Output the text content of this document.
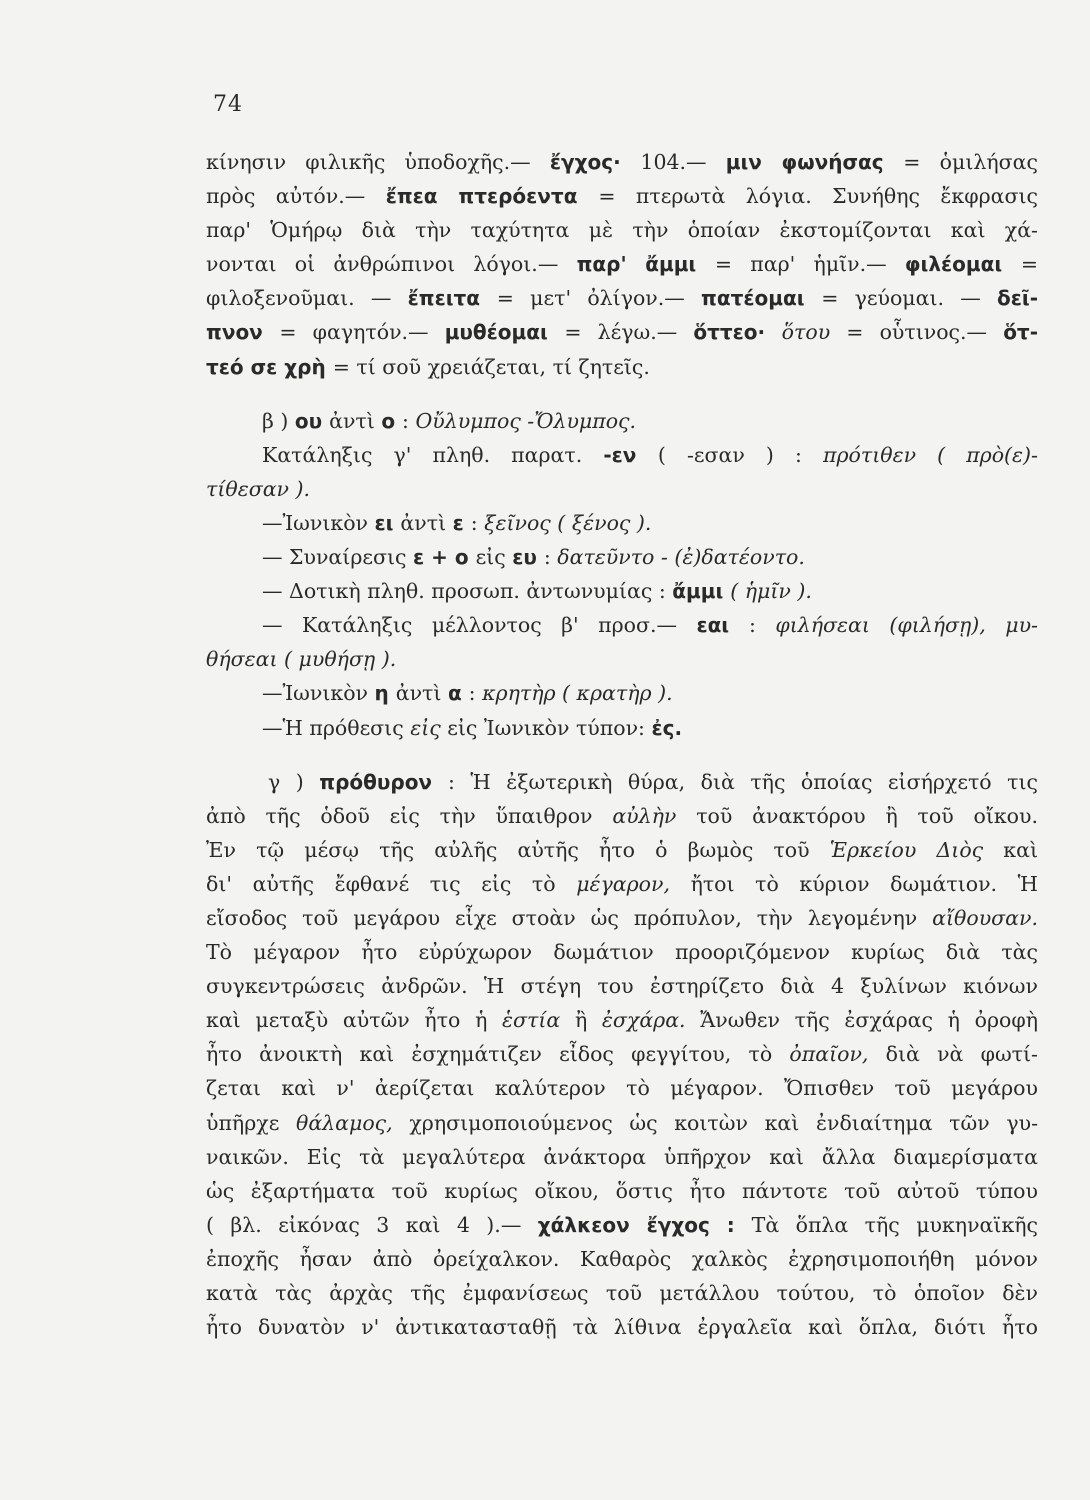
74
κίνησιν φιλικῆς ὑποδοχῆς.— ἔγχος· 104.— μιν φωνήσας = ὁμιλήσας
πρὸς αὐτόν.— ἔπεα πτερόεντα = πτερωτὰ λόγια. Συνήθης ἔκφρασις
παρ' Ὁμήρῳ διὰ τὴν ταχύτητα μὲ τὴν ὁποίαν ἐκστομίζονται καὶ χά-
νονται οἱ ἀνθρώπινοι λόγοι.— παρ' ἄμμι = παρ' ἡμῖν.— φιλέομαι =
φιλοξενοῦμαι. — ἔπειτα = μετ' ὀλίγον.— πατέομαι = γεύομαι. — δεῖ-
πνον = φαγητόν.— μυθέομαι = λέγω.— ὅττεο· ὅτου = οὗτινος.— ὅτ-
τεό σε χρὴ = τί σοῦ χρειάζεται, τί ζητεῖς.
β ) ου ἀντὶ ο : Οὔλυμπος -Ὄλυμπος.
Κατάληξις γ' πληθ. παρατ. -εν ( -εσαν ) : πρότιθεν ( πρὸ(ε)-
τίθεσαν ).
—Ἰωνικὸν ει ἀντὶ ε : ξεῖνος ( ξένος ).
— Συναίρεσις ε + ο εἰς ευ : δατεῦντο - (ἐ)δατέοντο.
— Δοτικὴ πληθ. προσωπ. ἀντωνυμίας : ἄμμι ( ἡμῖν ).
— Κατάληξις μέλλοντος β' προσ.— εαι : φιλήσεαι (φιλήσῃ), μυ-
θήσεαι ( μυθήσῃ ).
—Ἰωνικὸν η ἀντὶ α : κρητὴρ ( κρατὴρ ).
—Ἡ πρόθεσις εἰς εἰς Ἰωνικὸν τύπον: ἐς.
γ ) πρόθυρον : Ἡ ἐξωτερικὴ θύρα, διὰ τῆς ὁποίας εἰσήρχετό τις
ἀπὸ τῆς ὁδοῦ εἰς τὴν ὕπαιθρον αὐλὴν τοῦ ἀνακτόρου ἢ τοῦ οἴκου.
Ἐν τῷ μέσῳ τῆς αὐλῆς αὐτῆς ἦτο ὁ βωμὸς τοῦ Ἑρκείου Διὸς καὶ
δι' αὐτῆς ἔφθανέ τις εἰς τὸ μέγαρον, ἤτοι τὸ κύριον δωμάτιον. Ἡ
εἴσοδος τοῦ μεγάρου εἶχε στοὰν ὡς πρόπυλον, τὴν λεγομένην αἴθουσαν.
Τὸ μέγαρον ἦτο εὐρύχωρον δωμάτιον προοριζόμενον κυρίως διὰ τὰς
συγκεντρώσεις ἀνδρῶν. Ἡ στέγη του ἐστηρίζετο διὰ 4 ξυλίνων κιόνων
καὶ μεταξὺ αὐτῶν ἦτο ἡ ἑστία ἢ ἐσχάρα. Ἄνωθεν τῆς ἐσχάρας ἡ ὀροφὴ
ἦτο ἀνοικτὴ καὶ ἐσχημάτιζεν εἶδος φεγγίτου, τὸ ὀπαῖον, διὰ νὰ φωτί-
ζεται καὶ ν' ἀερίζεται καλύτερον τὸ μέγαρον. Ὄπισθεν τοῦ μεγάρου
ὑπῆρχε θάλαμος, χρησιμοποιούμενος ὡς κοιτὼν καὶ ἐνδιαίτημα τῶν γυ-
ναικῶν. Εἰς τὰ μεγαλύτερα ἀνάκτορα ὑπῆρχον καὶ ἄλλα διαμερίσματα
ὡς ἐξαρτήματα τοῦ κυρίως οἴκου, ὅστις ἦτο πάντοτε τοῦ αὐτοῦ τύπου
( βλ. εἰκόνας 3 καὶ 4 ).— χάλκεον ἔγχος : Τὰ ὅπλα τῆς μυκηναϊκῆς
ἐποχῆς ἦσαν ἀπὸ ὀρείχαλκον. Καθαρὸς χαλκὸς ἐχρησιμοποιήθη μόνον
κατὰ τὰς ἀρχὰς τῆς ἐμφανίσεως τοῦ μετάλλου τούτου, τὸ ὁποῖον δὲν
ἦτο δυνατὸν ν' ἀντικατασταθῇ τὰ λίθινα ἐργαλεῖα καὶ ὅπλα, διότι ἦτο
